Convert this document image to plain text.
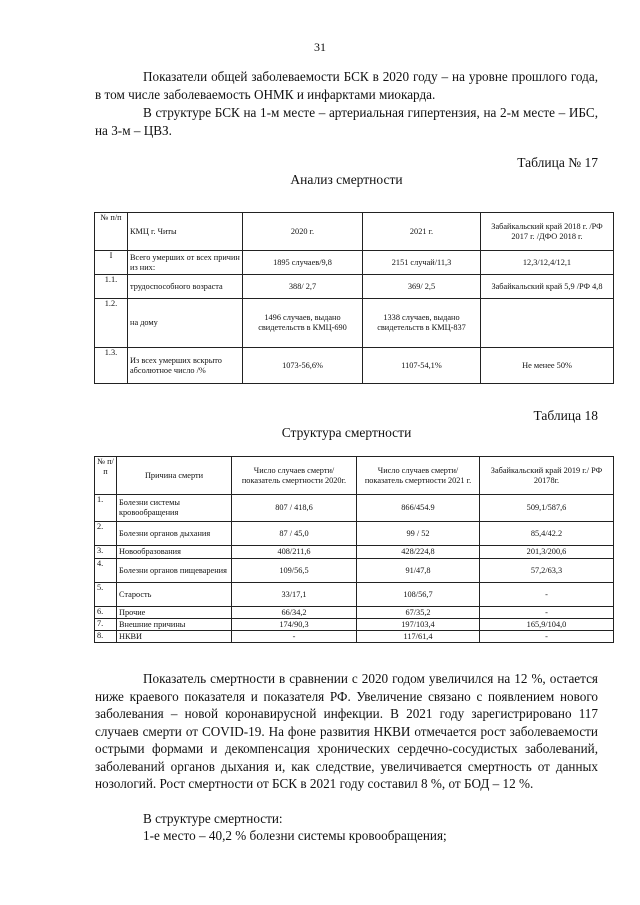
31

Показатели общей заболеваемости БСК в 2020 году – на уровне прошлого года, в том числе заболеваемость ОНМК и инфарктами миокарда.

В структуре БСК на 1-м месте – артериальная гипертензия, на 2-м месте – ИБС, на 3-м – ЦВЗ.

Таблица № 17
Анализ смертности
№ п/п	КМЦ г. Читы	2020 г.	2021 г.	Забайкальский край 2018 г. /РФ 2017 г. /ДФО 2018 г.
I	Всего умерших от всех причин из них:	1895 случаев/9,8	2151 случай/11,3	12,3/12,4/12,1
1.1.	трудоспособного возраста	388/ 2,7	369/ 2,5	Забайкальский край 5,9 /РФ 4,8
1.2.	на дому	1496 случаев, выдано свидетельств в КМЦ-690	1338 случаев, выдано свидетельств в КМЦ-837	
1.3.	Из всех умерших вскрыто абсолютное число /%	1073-56,6%	1107-54,1%	Не менее 50%
Таблица 18
Структура смертности
№ п/п	Причина смерти	Число случаев смерти/ показатель смертности 2020г.	Число случаев смерти/ показатель смертности 2021 г.	Забайкальский край 2019 г./ РФ 20178г.
1.	Болезни системы кровообращения	807 / 418,6	866/454.9	509,1/587,6
2.	Болезни органов дыхания	87 / 45,0	99 / 52	85,4/42.2
3.	Новообразования	408/211,6	428/224,8	201,3/200,6
4.	Болезни органов пищеварения	109/56,5	91/47,8	57,2/63,3
5.	Старость	33/17,1	108/56,7	-
6.	Прочие	66/34,2	67/35,2	-
7.	Внешние причины	174/90,3	197/103,4	165,9/104,0
8.	НКВИ	-	117/61,4	-

Показатель смертности в сравнении с 2020 годом увеличился на 12 %, остается ниже краевого показателя и показателя РФ. Увеличение связано с появлением нового заболевания – новой коронавирусной инфекции. В 2021 году зарегистрировано 117 случаев смерти от COVID-19. На фоне развития НКВИ отмечается рост заболеваемости острыми формами и декомпенсация хронических сердечно-сосудистых заболеваний, заболеваний органов дыхания и, как следствие, увеличивается смертность от данных нозологий. Рост смертности от БСК в 2021 году составил 8 %, от БОД – 12 %.

В структуре смертности:

1-е место – 40,2 % болезни системы кровообращения;
